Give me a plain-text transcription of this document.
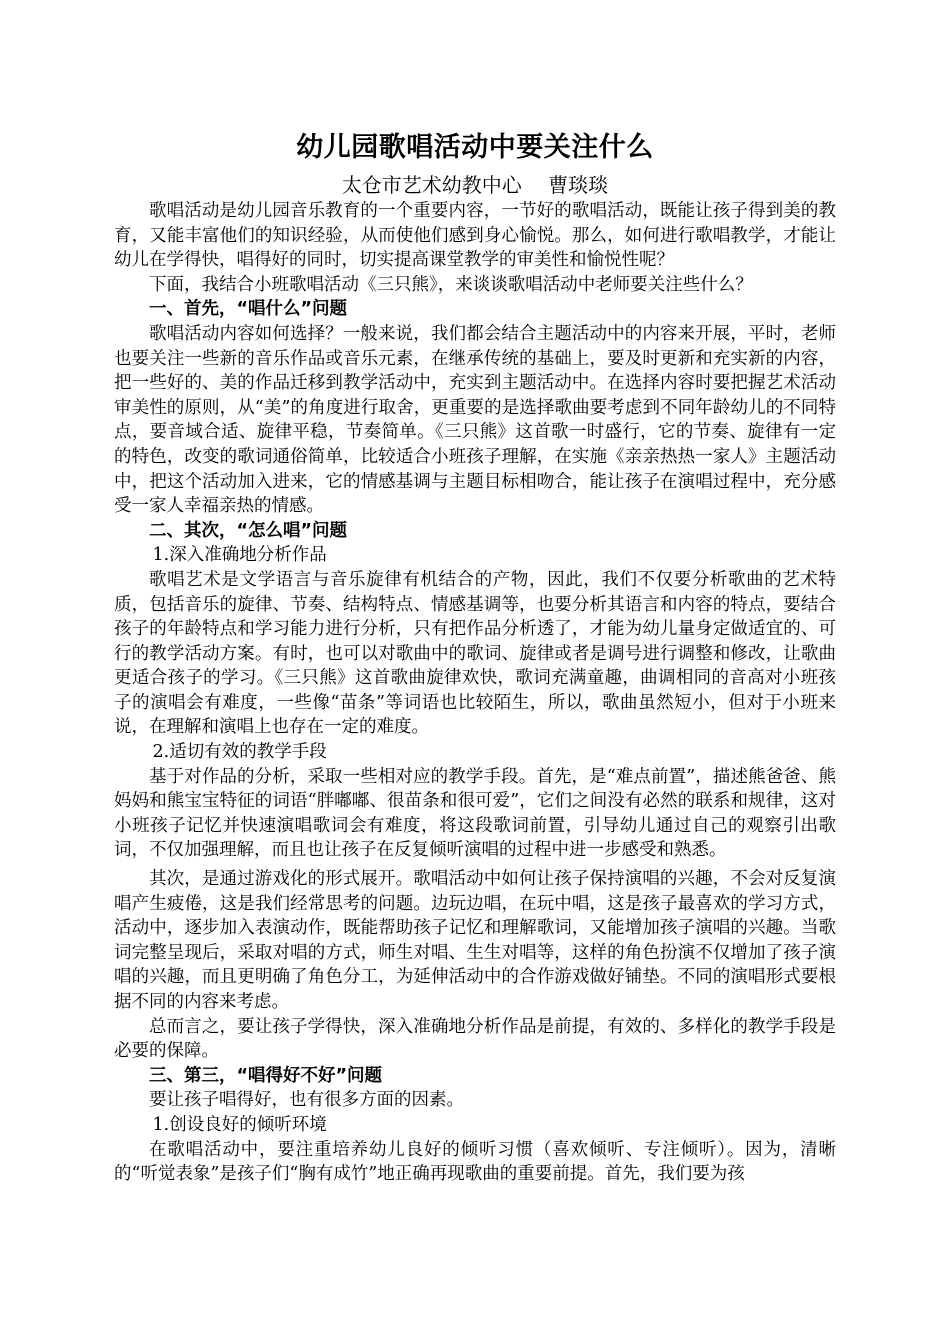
幼儿园歌唱活动中要关注什么
太仓市艺术幼教中心　 曹琰琰

歌唱活动是幼儿园音乐教育的一个重要内容，一节好的歌唱活动，既能让孩子得到美的教育，又能丰富他们的知识经验，从而使他们感到身心愉悦。那么，如何进行歌唱教学，才能让幼儿在学得快，唱得好的同时，切实提高课堂教学的审美性和愉悦性呢？

下面，我结合小班歌唱活动《三只熊》，来谈谈歌唱活动中老师要关注些什么？

一、首先，“唱什么”问题

歌唱活动内容如何选择？一般来说，我们都会结合主题活动中的内容来开展，平时，老师也要关注一些新的音乐作品或音乐元素，在继承传统的基础上，要及时更新和充实新的内容，把一些好的、美的作品迁移到教学活动中，充实到主题活动中。在选择内容时要把握艺术活动审美性的原则，从“美”的角度进行取舍，更重要的是选择歌曲要考虑到不同年龄幼儿的不同特点，要音域合适、旋律平稳，节奏简单。《三只熊》这首歌一时盛行，它的节奏、旋律有一定的特色，改变的歌词通俗简单，比较适合小班孩子理解，在实施《亲亲热热一家人》主题活动中，把这个活动加入进来，它的情感基调与主题目标相吻合，能让孩子在演唱过程中，充分感受一家人幸福亲热的情感。

二、其次，“怎么唱”问题

1.深入准确地分析作品

歌唱艺术是文学语言与音乐旋律有机结合的产物，因此，我们不仅要分析歌曲的艺术特质，包括音乐的旋律、节奏、结构特点、情感基调等，也要分析其语言和内容的特点，要结合孩子的年龄特点和学习能力进行分析，只有把作品分析透了，才能为幼儿量身定做适宜的、可行的教学活动方案。有时，也可以对歌曲中的歌词、旋律或者是调号进行调整和修改，让歌曲更适合孩子的学习。《三只熊》这首歌曲旋律欢快，歌词充满童趣，曲调相同的音高对小班孩子的演唱会有难度，一些像“苗条”等词语也比较陌生，所以，歌曲虽然短小，但对于小班来说，在理解和演唱上也存在一定的难度。

2.适切有效的教学手段

基于对作品的分析，采取一些相对应的教学手段。首先，是“难点前置”，描述熊爸爸、熊妈妈和熊宝宝特征的词语“胖嘟嘟、很苗条和很可爱”，它们之间没有必然的联系和规律，这对小班孩子记忆并快速演唱歌词会有难度，将这段歌词前置，引导幼儿通过自己的观察引出歌词，不仅加强理解，而且也让孩子在反复倾听演唱的过程中进一步感受和熟悉。

其次，是通过游戏化的形式展开。歌唱活动中如何让孩子保持演唱的兴趣，不会对反复演唱产生疲倦，这是我们经常思考的问题。边玩边唱，在玩中唱，这是孩子最喜欢的学习方式，活动中，逐步加入表演动作，既能帮助孩子记忆和理解歌词，又能增加孩子演唱的兴趣。当歌词完整呈现后，采取对唱的方式，师生对唱、生生对唱等，这样的角色扮演不仅增加了孩子演唱的兴趣，而且更明确了角色分工，为延伸活动中的合作游戏做好铺垫。不同的演唱形式要根据不同的内容来考虑。

总而言之，要让孩子学得快，深入准确地分析作品是前提，有效的、多样化的教学手段是必要的保障。

三、第三，“唱得好不好”问题

要让孩子唱得好，也有很多方面的因素。

1.创设良好的倾听环境

在歌唱活动中，要注重培养幼儿良好的倾听习惯（喜欢倾听、专注倾听）。因为，清晰的“听觉表象”是孩子们“胸有成竹”地正确再现歌曲的重要前提。首先，我们要为孩
